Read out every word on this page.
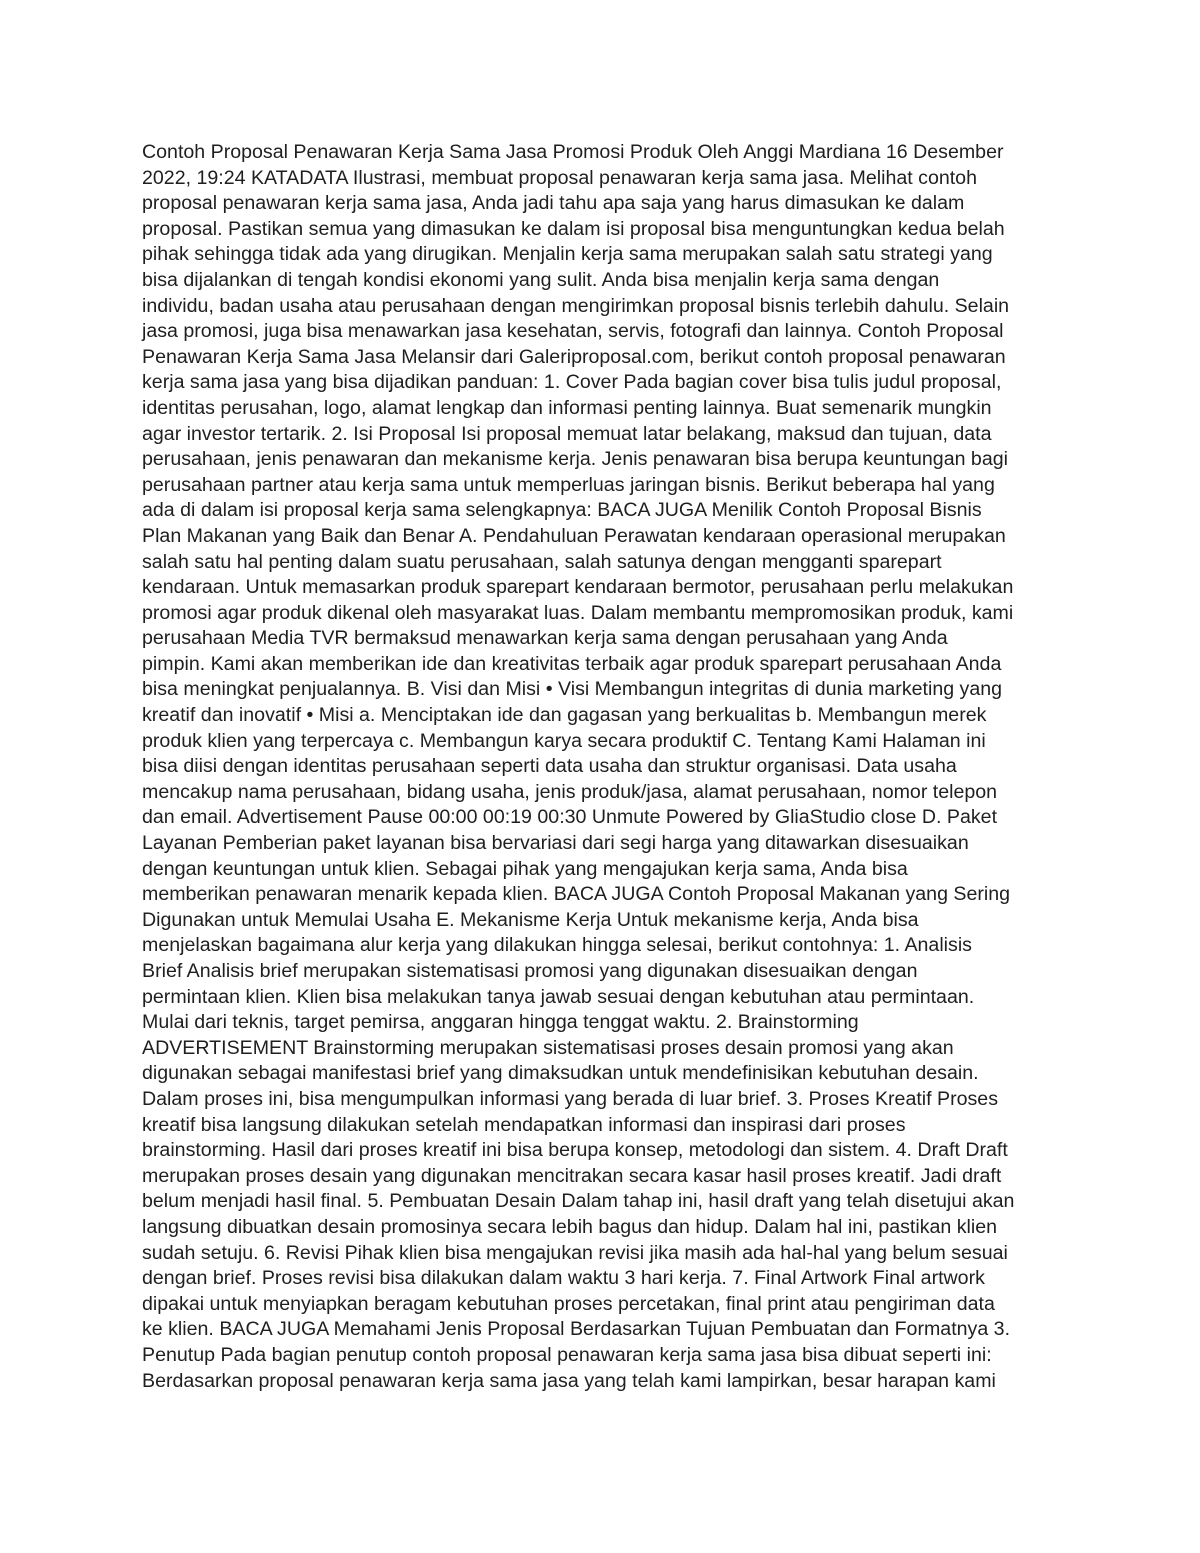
Contoh Proposal Penawaran Kerja Sama Jasa Promosi Produk Oleh Anggi Mardiana 16 Desember
2022, 19:24 KATADATA Ilustrasi, membuat proposal penawaran kerja sama jasa. Melihat contoh
proposal penawaran kerja sama jasa, Anda jadi tahu apa saja yang harus dimasukan ke dalam
proposal. Pastikan semua yang dimasukan ke dalam isi proposal bisa menguntungkan kedua belah
pihak sehingga tidak ada yang dirugikan. Menjalin kerja sama merupakan salah satu strategi yang
bisa dijalankan di tengah kondisi ekonomi yang sulit. Anda bisa menjalin kerja sama dengan
individu, badan usaha atau perusahaan dengan mengirimkan proposal bisnis terlebih dahulu. Selain
jasa promosi, juga bisa menawarkan jasa kesehatan, servis, fotografi dan lainnya. Contoh Proposal
Penawaran Kerja Sama Jasa Melansir dari Galeriproposal.com, berikut contoh proposal penawaran
kerja sama jasa yang bisa dijadikan panduan: 1. Cover Pada bagian cover bisa tulis judul proposal,
identitas perusahan, logo, alamat lengkap dan informasi penting lainnya. Buat semenarik mungkin
agar investor tertarik. 2. Isi Proposal Isi proposal memuat latar belakang, maksud dan tujuan, data
perusahaan, jenis penawaran dan mekanisme kerja. Jenis penawaran bisa berupa keuntungan bagi
perusahaan partner atau kerja sama untuk memperluas jaringan bisnis. Berikut beberapa hal yang
ada di dalam isi proposal kerja sama selengkapnya: BACA JUGA Menilik Contoh Proposal Bisnis
Plan Makanan yang Baik dan Benar A. Pendahuluan Perawatan kendaraan operasional merupakan
salah satu hal penting dalam suatu perusahaan, salah satunya dengan mengganti sparepart
kendaraan. Untuk memasarkan produk sparepart kendaraan bermotor, perusahaan perlu melakukan
promosi agar produk dikenal oleh masyarakat luas. Dalam membantu mempromosikan produk, kami
perusahaan Media TVR bermaksud menawarkan kerja sama dengan perusahaan yang Anda
pimpin. Kami akan memberikan ide dan kreativitas terbaik agar produk sparepart perusahaan Anda
bisa meningkat penjualannya. B. Visi dan Misi • Visi Membangun integritas di dunia marketing yang
kreatif dan inovatif • Misi a. Menciptakan ide dan gagasan yang berkualitas b. Membangun merek
produk klien yang terpercaya c. Membangun karya secara produktif C. Tentang Kami Halaman ini
bisa diisi dengan identitas perusahaan seperti data usaha dan struktur organisasi. Data usaha
mencakup nama perusahaan, bidang usaha, jenis produk/jasa, alamat perusahaan, nomor telepon
dan email. Advertisement Pause 00:00 00:19 00:30 Unmute Powered by GliaStudio close D. Paket
Layanan Pemberian paket layanan bisa bervariasi dari segi harga yang ditawarkan disesuaikan
dengan keuntungan untuk klien. Sebagai pihak yang mengajukan kerja sama, Anda bisa
memberikan penawaran menarik kepada klien. BACA JUGA Contoh Proposal Makanan yang Sering
Digunakan untuk Memulai Usaha E. Mekanisme Kerja Untuk mekanisme kerja, Anda bisa
menjelaskan bagaimana alur kerja yang dilakukan hingga selesai, berikut contohnya: 1. Analisis
Brief Analisis brief merupakan sistematisasi promosi yang digunakan disesuaikan dengan
permintaan klien. Klien bisa melakukan tanya jawab sesuai dengan kebutuhan atau permintaan.
Mulai dari teknis, target pemirsa, anggaran hingga tenggat waktu. 2. Brainstorming
ADVERTISEMENT Brainstorming merupakan sistematisasi proses desain promosi yang akan
digunakan sebagai manifestasi brief yang dimaksudkan untuk mendefinisikan kebutuhan desain.
Dalam proses ini, bisa mengumpulkan informasi yang berada di luar brief. 3. Proses Kreatif Proses
kreatif bisa langsung dilakukan setelah mendapatkan informasi dan inspirasi dari proses
brainstorming. Hasil dari proses kreatif ini bisa berupa konsep, metodologi dan sistem. 4. Draft Draft
merupakan proses desain yang digunakan mencitrakan secara kasar hasil proses kreatif. Jadi draft
belum menjadi hasil final. 5. Pembuatan Desain Dalam tahap ini, hasil draft yang telah disetujui akan
langsung dibuatkan desain promosinya secara lebih bagus dan hidup. Dalam hal ini, pastikan klien
sudah setuju. 6. Revisi Pihak klien bisa mengajukan revisi jika masih ada hal-hal yang belum sesuai
dengan brief. Proses revisi bisa dilakukan dalam waktu 3 hari kerja. 7. Final Artwork Final artwork
dipakai untuk menyiapkan beragam kebutuhan proses percetakan, final print atau pengiriman data
ke klien. BACA JUGA Memahami Jenis Proposal Berdasarkan Tujuan Pembuatan dan Formatnya 3.
Penutup Pada bagian penutup contoh proposal penawaran kerja sama jasa bisa dibuat seperti ini:
Berdasarkan proposal penawaran kerja sama jasa yang telah kami lampirkan, besar harapan kami
